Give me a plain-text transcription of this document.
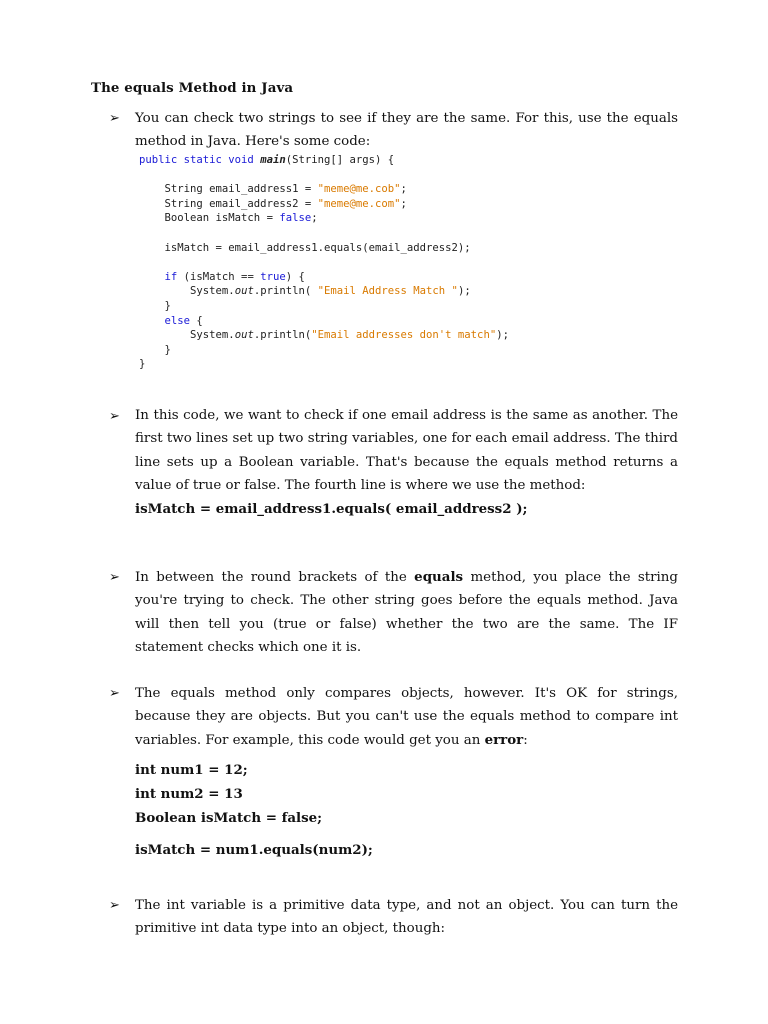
The equals Method in Java
➢ You can check two strings to see if they are the same. For this, use the equals method in Java. Here's some code:
public static void main(String[] args) {

String email_address1 = "meme@me.cob";
String email_address2 = "meme@me.com";
Boolean isMatch = false;

isMatch = email_address1.equals(email_address2);

if (isMatch == true) {
System.out.println( "Email Address Match ");
}
else {
System.out.println("Email addresses don't match");
}
}
➢ In this code, we want to check if one email address is the same as another. The first two lines set up two string variables, one for each email address. The third line sets up a Boolean variable. That's because the equals method returns a value of true or false. The fourth line is where we use the method:
isMatch = email_address1.equals( email_address2 );
➢ In between the round brackets of the equals method, you place the string you're trying to check. The other string goes before the equals method. Java will then tell you (true or false) whether the two are the same. The IF statement checks which one it is.
➢ The equals method only compares objects, however. It's OK for strings, because they are objects. But you can't use the equals method to compare int variables. For example, this code would get you an error:
int num1 = 12;
int num2 = 13
Boolean isMatch = false;
isMatch = num1.equals(num2);
➢ The int variable is a primitive data type, and not an object. You can turn the primitive int data type into an object, though:
